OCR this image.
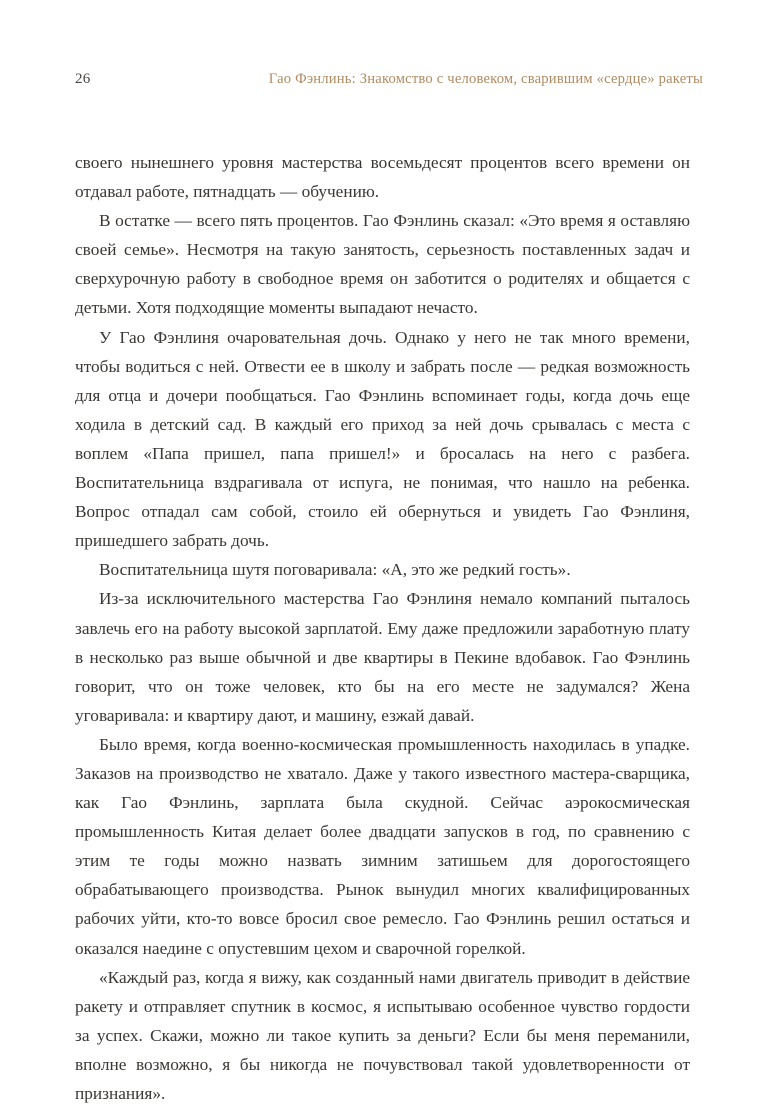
26	Гао Фэнлинь: Знакомство с человеком, сварившим «сердце» ракеты

своего нынешнего уровня мастерства восемьдесят процентов всего времени он отдавал работе, пятнадцать — обучению.

В остатке — всего пять процентов. Гао Фэнлинь сказал: «Это время я оставляю своей семье». Несмотря на такую занятость, серьезность поставленных задач и сверхурочную работу в свободное время он заботится о родителях и общается с детьми. Хотя подходящие моменты выпадают нечасто.

У Гао Фэнлиня очаровательная дочь. Однако у него не так много времени, чтобы водиться с ней. Отвести ее в школу и забрать после — редкая возможность для отца и дочери пообщаться. Гао Фэнлинь вспоминает годы, когда дочь еще ходила в детский сад. В каждый его приход за ней дочь срывалась с места с воплем «Папа пришел, папа пришел!» и бросалась на него с разбега. Воспитательница вздрагивала от испуга, не понимая, что нашло на ребенка. Вопрос отпадал сам собой, стоило ей обернуться и увидеть Гао Фэнлиня, пришедшего забрать дочь.

Воспитательница шутя поговаривала: «А, это же редкий гость».

Из-за исключительного мастерства Гао Фэнлиня немало компаний пыталось завлечь его на работу высокой зарплатой. Ему даже предложили заработную плату в несколько раз выше обычной и две квартиры в Пекине вдобавок. Гао Фэнлинь говорит, что он тоже человек, кто бы на его месте не задумался? Жена уговаривала: и квартиру дают, и машину, езжай давай.

Было время, когда военно-космическая промышленность находилась в упадке. Заказов на производство не хватало. Даже у такого известного мастера-сварщика, как Гао Фэнлинь, зарплата была скудной. Сейчас аэрокосмическая промышленность Китая делает более двадцати запусков в год, по сравнению с этим те годы можно назвать зимним затишьем для дорогостоящего обрабатывающего производства. Рынок вынудил многих квалифицированных рабочих уйти, кто-то вовсе бросил свое ремесло. Гао Фэнлинь решил остаться и оказался наедине с опустевшим цехом и сварочной горелкой.

«Каждый раз, когда я вижу, как созданный нами двигатель приводит в действие ракету и отправляет спутник в космос, я испытываю особенное чувство гордости за успех. Скажи, можно ли такое купить за деньги? Если бы меня переманили, вполне возможно, я бы никогда не почувствовал такой удовлетворенности от признания».
